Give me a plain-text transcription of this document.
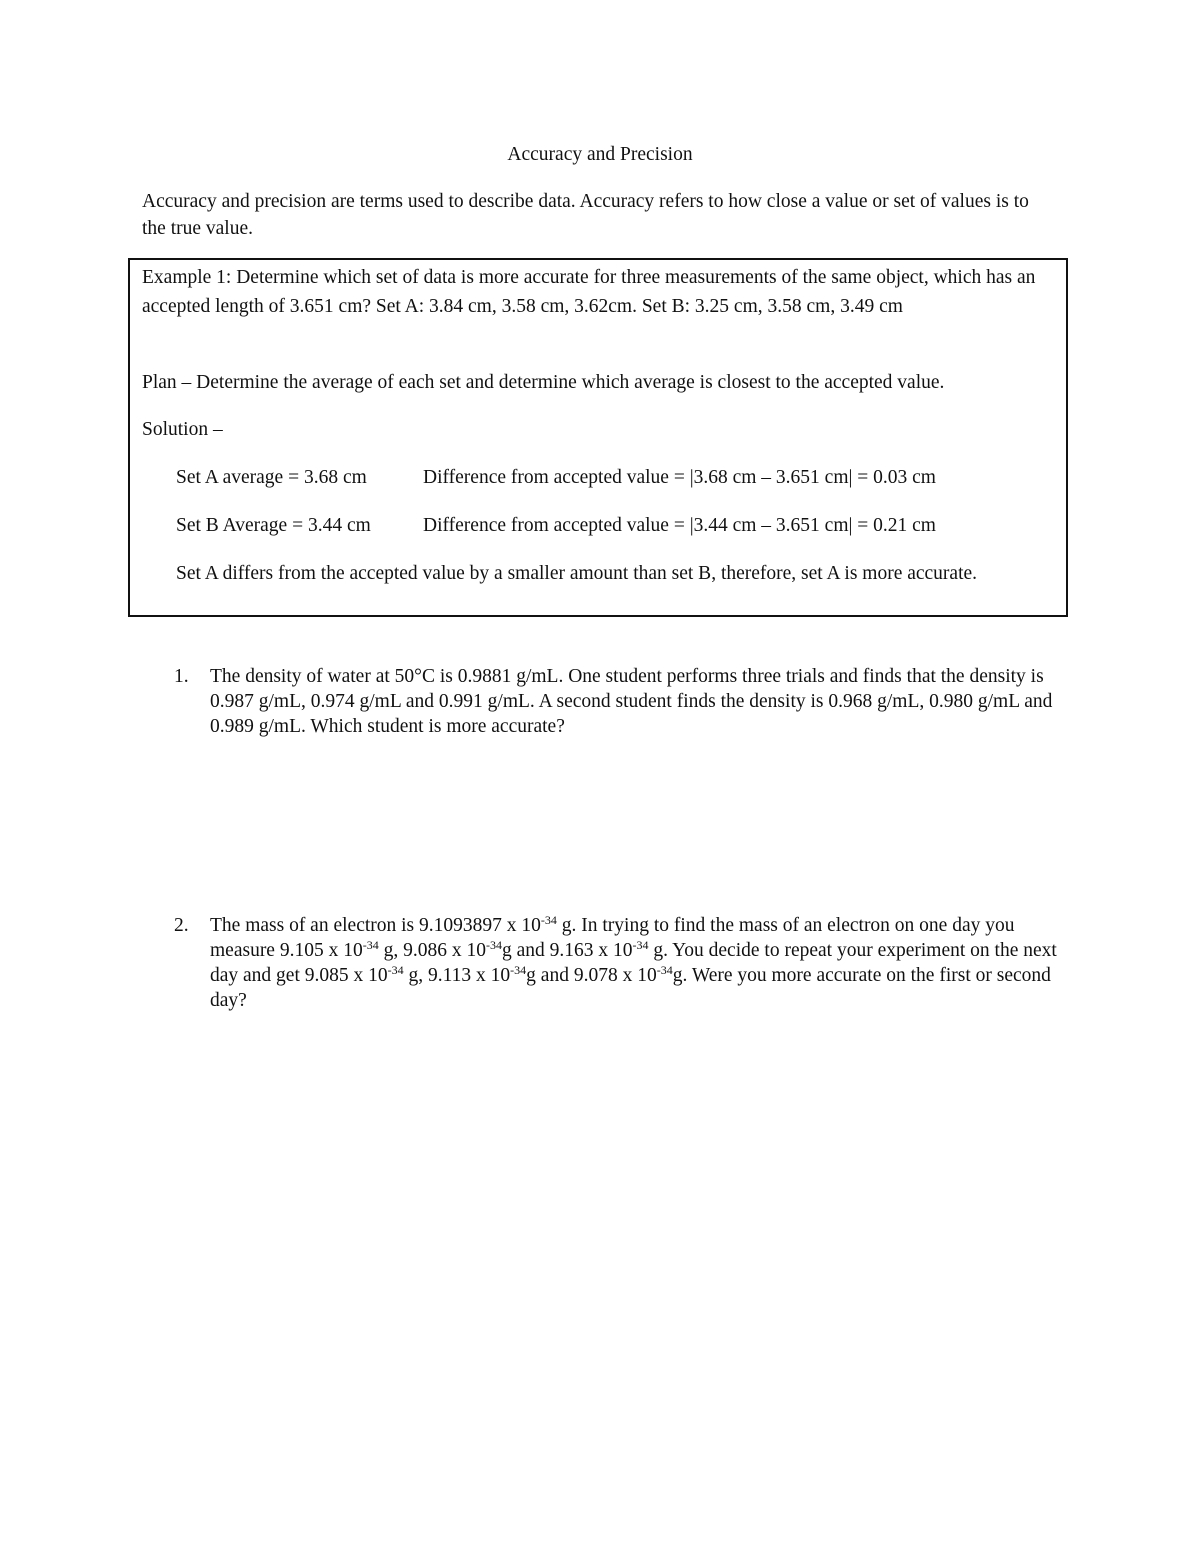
Accuracy and Precision
Accuracy and precision are terms used to describe data. Accuracy refers to how close a value or set of values is to the true value.
Example 1: Determine which set of data is more accurate for three measurements of the same object, which has an accepted length of 3.651 cm? Set A: 3.84 cm, 3.58 cm, 3.62cm. Set B: 3.25 cm, 3.58 cm, 3.49 cm
Plan – Determine the average of each set and determine which average is closest to the accepted value.
Solution –
Set A average = 3.68 cm	Difference from accepted value = |3.68 cm – 3.651 cm| = 0.03 cm
Set B Average = 3.44 cm	Difference from accepted value = |3.44 cm – 3.651 cm| = 0.21 cm
Set A differs from the accepted value by a smaller amount than set B, therefore, set A is more accurate.
1. The density of water at 50°C is 0.9881 g/mL. One student performs three trials and finds that the density is 0.987 g/mL, 0.974 g/mL and 0.991 g/mL. A second student finds the density is 0.968 g/mL, 0.980 g/mL and 0.989 g/mL. Which student is more accurate?
2. The mass of an electron is 9.1093897 x $10^{-34}$ g. In trying to find the mass of an electron on one day you measure 9.105 x $10^{-34}$ g, 9.086 x $10^{-34}g$ and 9.163 x $10^{-34}$ g. You decide to repeat your experiment on the next day and get 9.085 x $10^{-34}$ g, 9.113 x $10^{-34}g$ and 9.078 x $10^{-34}g$. Were you more accurate on the first or second day?
